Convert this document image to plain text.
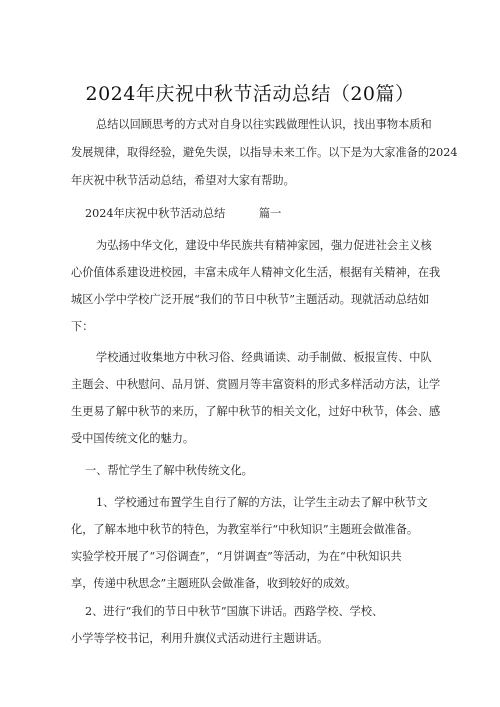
2024年庆祝中秋节活动总结（20篇）
总结以回顾思考的方式对自身以往实践做理性认识，找出事物本质和
发展规律，取得经验，避免失误，以指导未来工作。以下是为大家准备的2024
年庆祝中秋节活动总结，希望对大家有帮助。
2024年庆祝中秋节活动总结　　　篇一
为弘扬中华文化，建设中华民族共有精神家园，强力促进社会主义核
心价值体系建设进校园，丰富未成年人精神文化生活，根据有关精神，在我
城区小学中学校广泛开展“我们的节日中秋节”主题活动。现就活动总结如
下：
学校通过收集地方中秋习俗、经典诵读、动手制做、板报宣传、中队
主题会、中秋慰问、品月饼、赏圆月等丰富资料的形式多样活动方法，让学
生更易了解中秋节的来历，了解中秋节的相关文化，过好中秋节，体会、感
受中国传统文化的魅力。
一、帮忙学生了解中秋传统文化。
1、学校通过布置学生自行了解的方法，让学生主动去了解中秋节文
化，了解本地中秋节的特色，为教室举行“中秋知识”主题班会做准备。
实验学校开展了“习俗调查”，“月饼调查”等活动，为在“中秋知识共
享，传递中秋思念”主题班队会做准备，收到较好的成效。
2、进行“我们的节日中秋节”国旗下讲话。西路学校、学校、
小学等学校书记，利用升旗仪式活动进行主题讲话。
